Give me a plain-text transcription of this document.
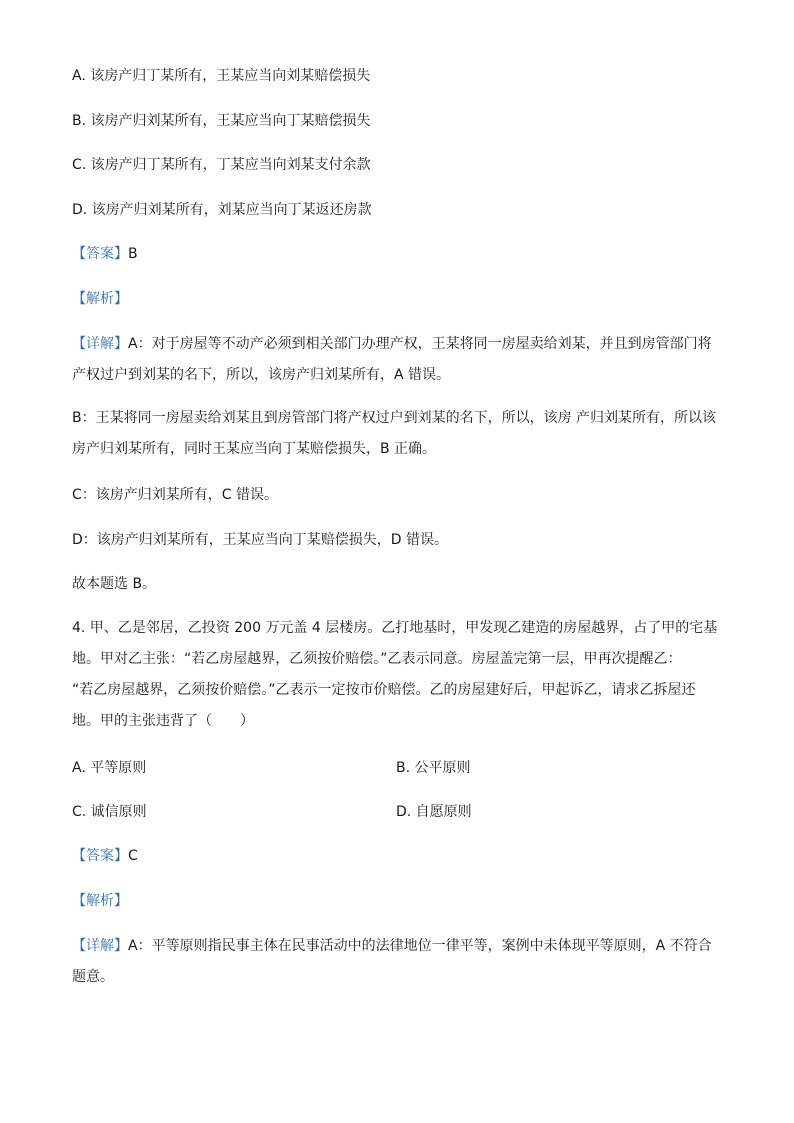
A. 该房产归丁某所有，王某应当向刘某赔偿损失
B. 该房产归刘某所有，王某应当向丁某赔偿损失
C. 该房产归丁某所有，丁某应当向刘某支付余款
D. 该房产归刘某所有，刘某应当向丁某返还房款
【答案】B
【解析】
【详解】A：对于房屋等不动产必须到相关部门办理产权，王某将同一房屋卖给刘某，并且到房管部门将
产权过户到刘某的名下，所以，该房产归刘某所有，A 错误。
B：王某将同一房屋卖给刘某且到房管部门将产权过户到刘某的名下，所以，该房 产归刘某所有，所以该
房产归刘某所有，同时王某应当向丁某赔偿损失，B 正确。
C：该房产归刘某所有，C 错误。
D：该房产归刘某所有，王某应当向丁某赔偿损失，D 错误。
故本题选 B。
4. 甲、乙是邻居，乙投资 200 万元盖 4 层楼房。乙打地基时，甲发现乙建造的房屋越界，占了甲的宅基
地。甲对乙主张：“若乙房屋越界，乙须按价赔偿。”乙表示同意。房屋盖完第一层，甲再次提醒乙：
“若乙房屋越界，乙须按价赔偿。”乙表示一定按市价赔偿。乙的房屋建好后，甲起诉乙，请求乙拆屋还
地。甲的主张违背了（　　）
A. 平等原则	B. 公平原则
C. 诚信原则	D. 自愿原则
【答案】C
【解析】
【详解】A：平等原则指民事主体在民事活动中的法律地位一律平等，案例中未体现平等原则，A 不符合
题意。
